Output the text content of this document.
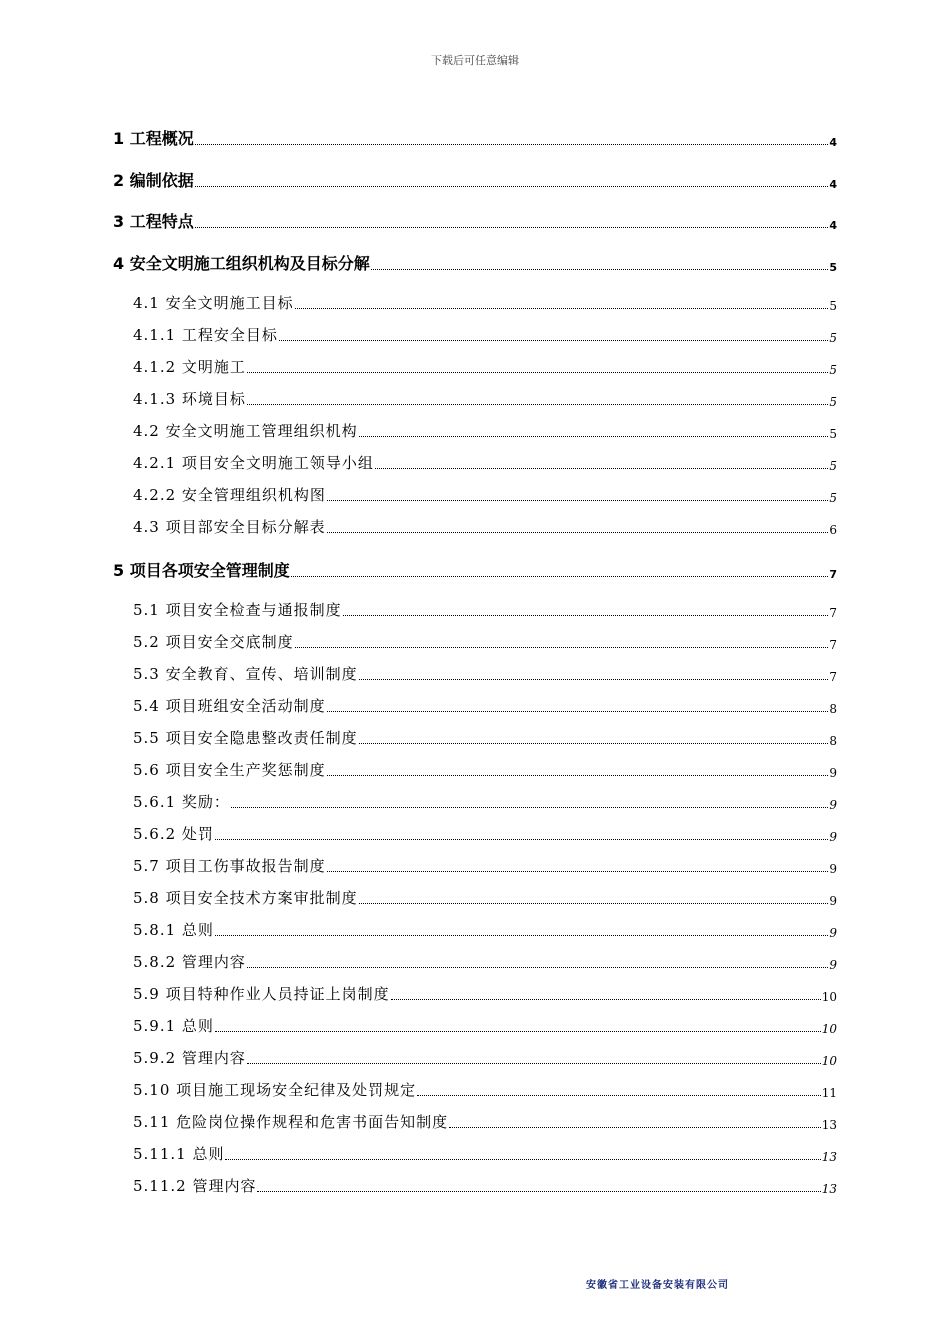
下载后可任意编辑
1 工程概况	4
2 编制依据	4
3 工程特点	4
4 安全文明施工组织机构及目标分解	5
4.1 安全文明施工目标	5
4.1.1 工程安全目标	5
4.1.2 文明施工	5
4.1.3 环境目标	5
4.2 安全文明施工管理组织机构	5
4.2.1 项目安全文明施工领导小组	5
4.2.2 安全管理组织机构图	5
4.3 项目部安全目标分解表	6
5 项目各项安全管理制度	7
5.1 项目安全检查与通报制度	7
5.2 项目安全交底制度	7
5.3 安全教育、宣传、培训制度	7
5.4 项目班组安全活动制度	8
5.5 项目安全隐患整改责任制度	8
5.6 项目安全生产奖惩制度	9
5.6.1 奖励：	9
5.6.2 处罚	9
5.7 项目工伤事故报告制度	9
5.8 项目安全技术方案审批制度	9
5.8.1 总则	9
5.8.2 管理内容	9
5.9 项目特种作业人员持证上岗制度	10
5.9.1 总则	10
5.9.2 管理内容	10
5.10 项目施工现场安全纪律及处罚规定	11
5.11 危险岗位操作规程和危害书面告知制度	13
5.11.1 总则	13
5.11.2 管理内容	13
安徽省工业设备安装有限公司
